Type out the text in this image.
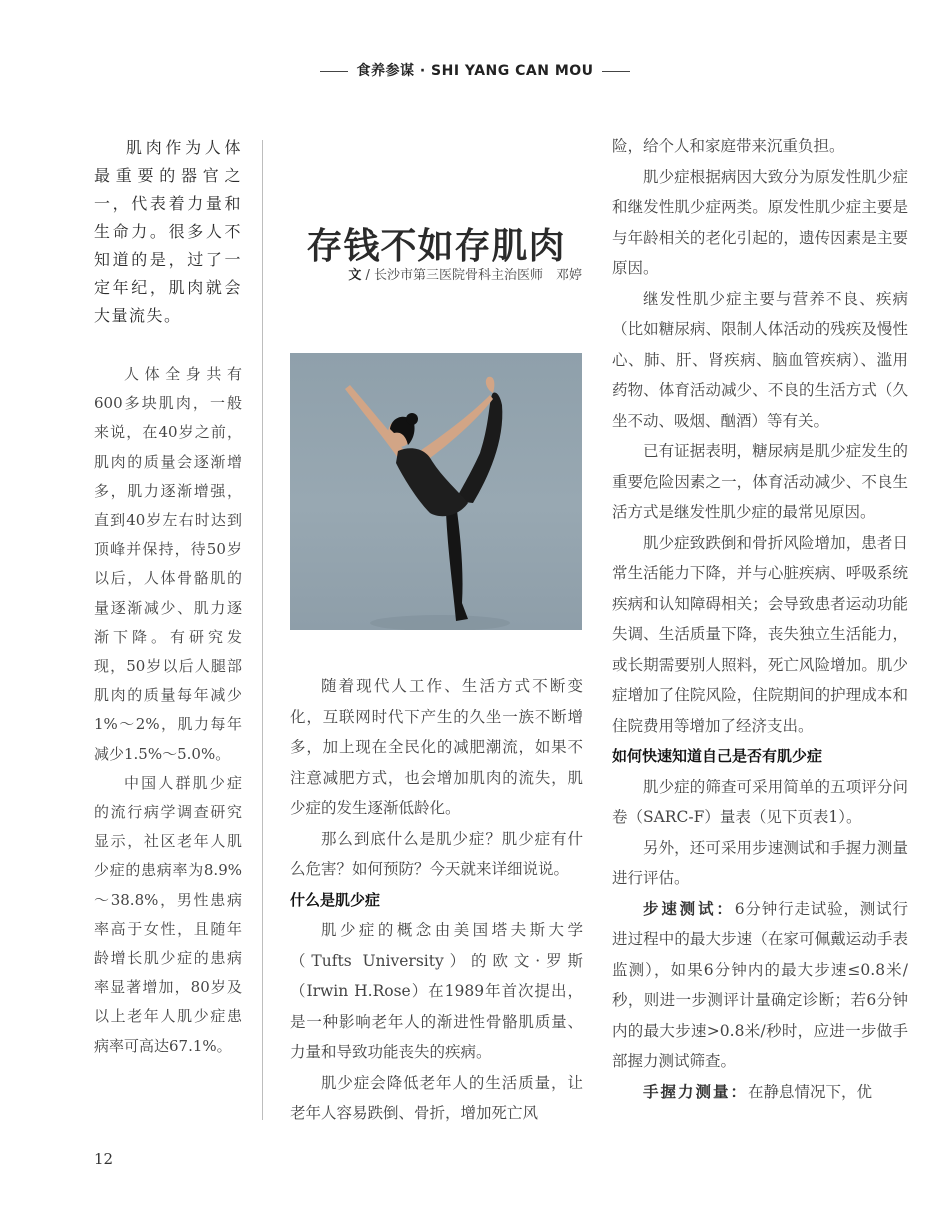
食养参谋 · SHI YANG CAN MOU
肌肉作为人体最重要的器官之一，代表着力量和生命力。很多人不知道的是，过了一定年纪，肌肉就会大量流失。

人体全身共有600多块肌肉，一般来说，在40岁之前，肌肉的质量会逐渐增多，肌力逐渐增强，直到40岁左右时达到顶峰并保持，待50岁以后，人体骨骼肌的量逐渐减少、肌力逐渐下降。有研究发现，50岁以后人腿部肌肉的质量每年减少1%～2%，肌力每年减少1.5%～5.0%。

中国人群肌少症的流行病学调查研究显示，社区老年人肌少症的患病率为8.9%～38.8%，男性患病率高于女性，且随年龄增长肌少症的患病率显著增加，80岁及以上老年人肌少症患病率可高达67.1%。

存钱不如存肌肉
文 / 长沙市第三医院骨科主治医师　邓婷

随着现代人工作、生活方式不断变化，互联网时代下产生的久坐一族不断增多，加上现在全民化的减肥潮流，如果不注意减肥方式，也会增加肌肉的流失，肌少症的发生逐渐低龄化。

那么到底什么是肌少症？肌少症有什么危害？如何预防？今天就来详细说说。

什么是肌少症

肌少症的概念由美国塔夫斯大学（Tufts University）的欧文·罗斯（Irwin H.Rose）在1989年首次提出，是一种影响老年人的渐进性骨骼肌质量、力量和导致功能丧失的疾病。

肌少症会降低老年人的生活质量，让老年人容易跌倒、骨折，增加死亡风

险，给个人和家庭带来沉重负担。

肌少症根据病因大致分为原发性肌少症和继发性肌少症两类。原发性肌少症主要是与年龄相关的老化引起的，遗传因素是主要原因。

继发性肌少症主要与营养不良、疾病（比如糖尿病、限制人体活动的残疾及慢性心、肺、肝、肾疾病、脑血管疾病）、滥用药物、体育活动减少、不良的生活方式（久坐不动、吸烟、酗酒）等有关。

已有证据表明，糖尿病是肌少症发生的重要危险因素之一，体育活动减少、不良生活方式是继发性肌少症的最常见原因。

肌少症致跌倒和骨折风险增加，患者日常生活能力下降，并与心脏疾病、呼吸系统疾病和认知障碍相关；会导致患者运动功能失调、生活质量下降，丧失独立生活能力，或长期需要别人照料，死亡风险增加。肌少症增加了住院风险，住院期间的护理成本和住院费用等增加了经济支出。

如何快速知道自己是否有肌少症

肌少症的筛查可采用简单的五项评分问卷（SARC-F）量表（见下页表1）。

另外，还可采用步速测试和手握力测量进行评估。

步速测试：6分钟行走试验，测试行进过程中的最大步速（在家可佩戴运动手表监测），如果6分钟内的最大步速≤0.8米/秒，则进一步测评计量确定诊断；若6分钟内的最大步速>0.8米/秒时，应进一步做手部握力测试筛查。

手握力测量：在静息情况下，优

12
